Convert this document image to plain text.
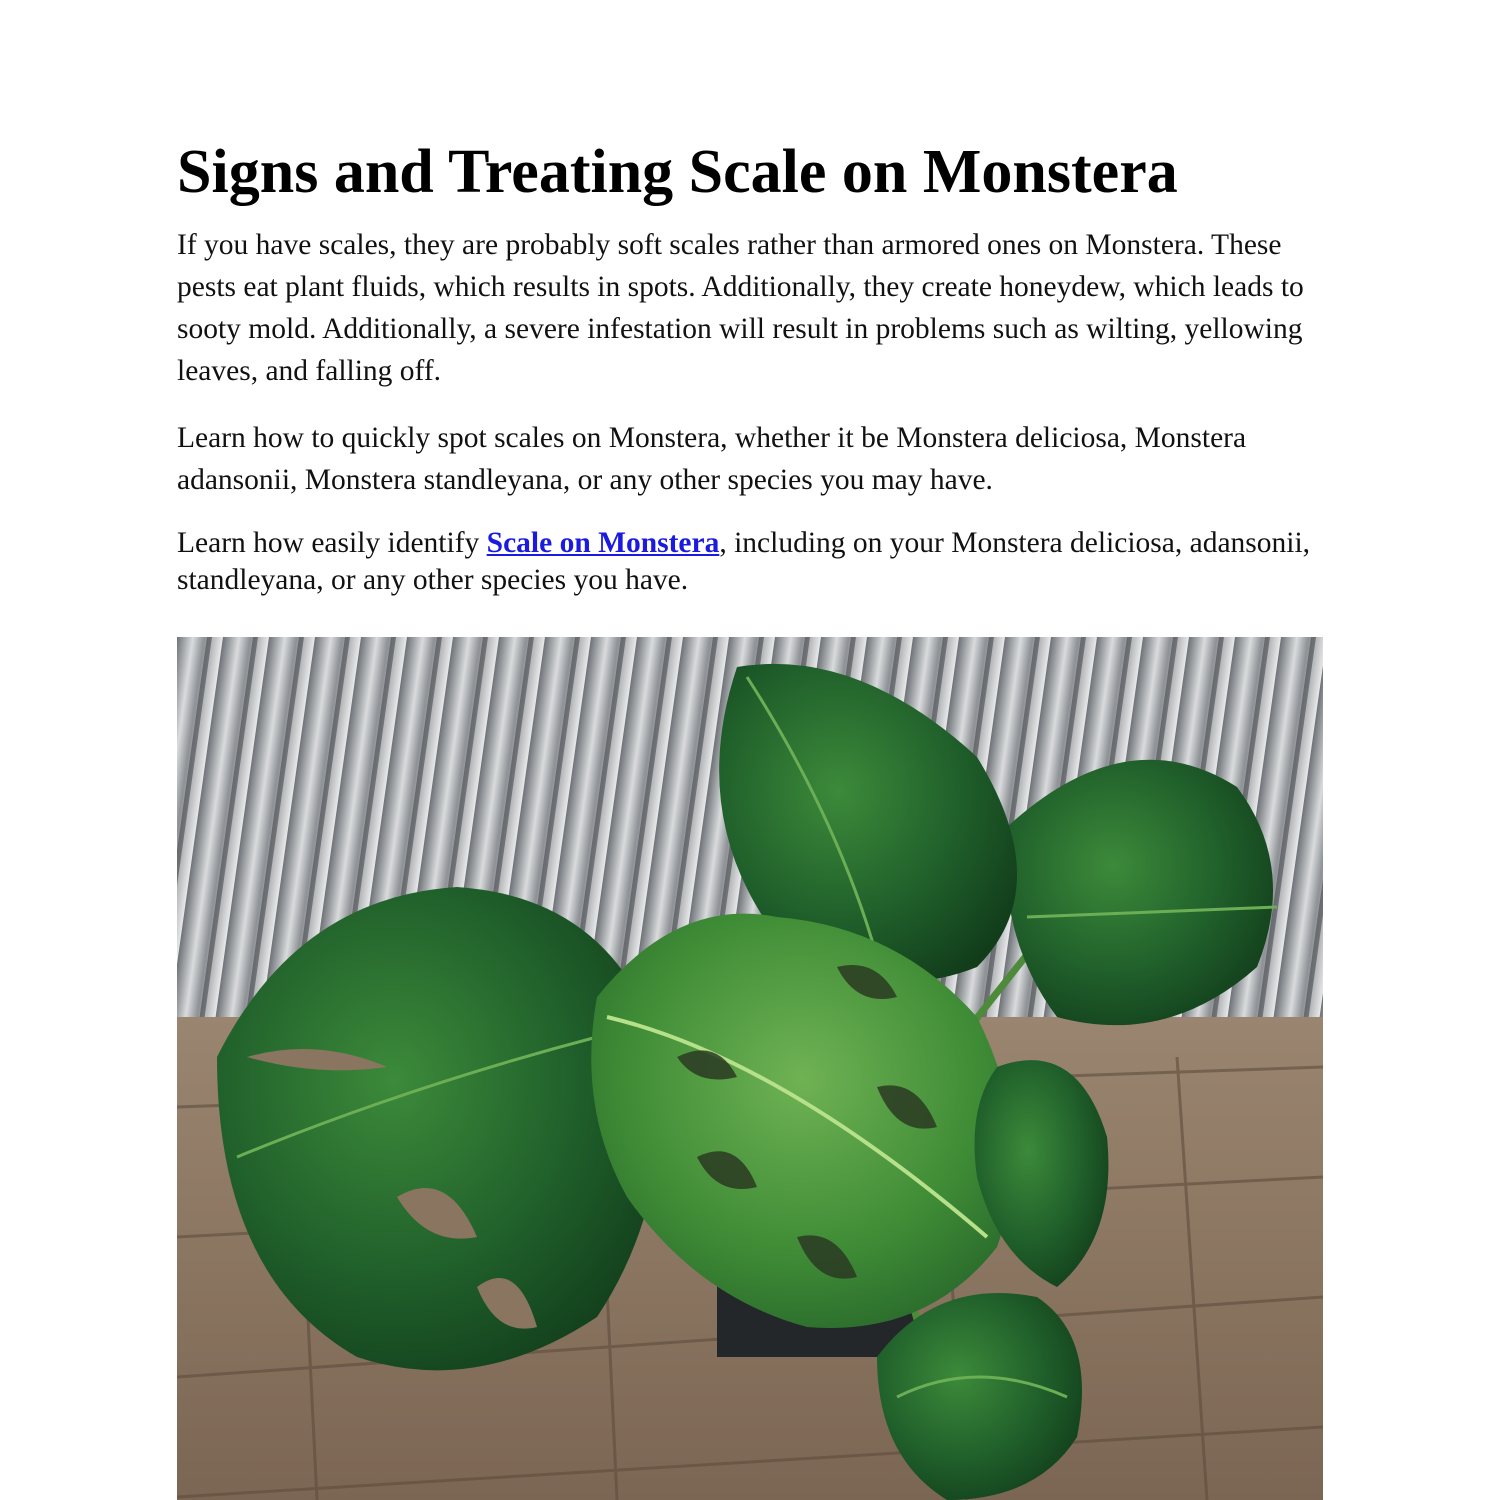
Signs and Treating Scale on Monstera

If you have scales, they are probably soft scales rather than armored ones on Monstera. These pests eat plant fluids, which results in spots. Additionally, they create honeydew, which leads to sooty mold. Additionally, a severe infestation will result in problems such as wilting, yellowing leaves, and falling off.

Learn how to quickly spot scales on Monstera, whether it be Monstera deliciosa, Monstera adansonii, Monstera standleyana, or any other species you may have.

Learn how easily identify Scale on Monstera, including on your Monstera deliciosa, adansonii, standleyana, or any other species you have.
